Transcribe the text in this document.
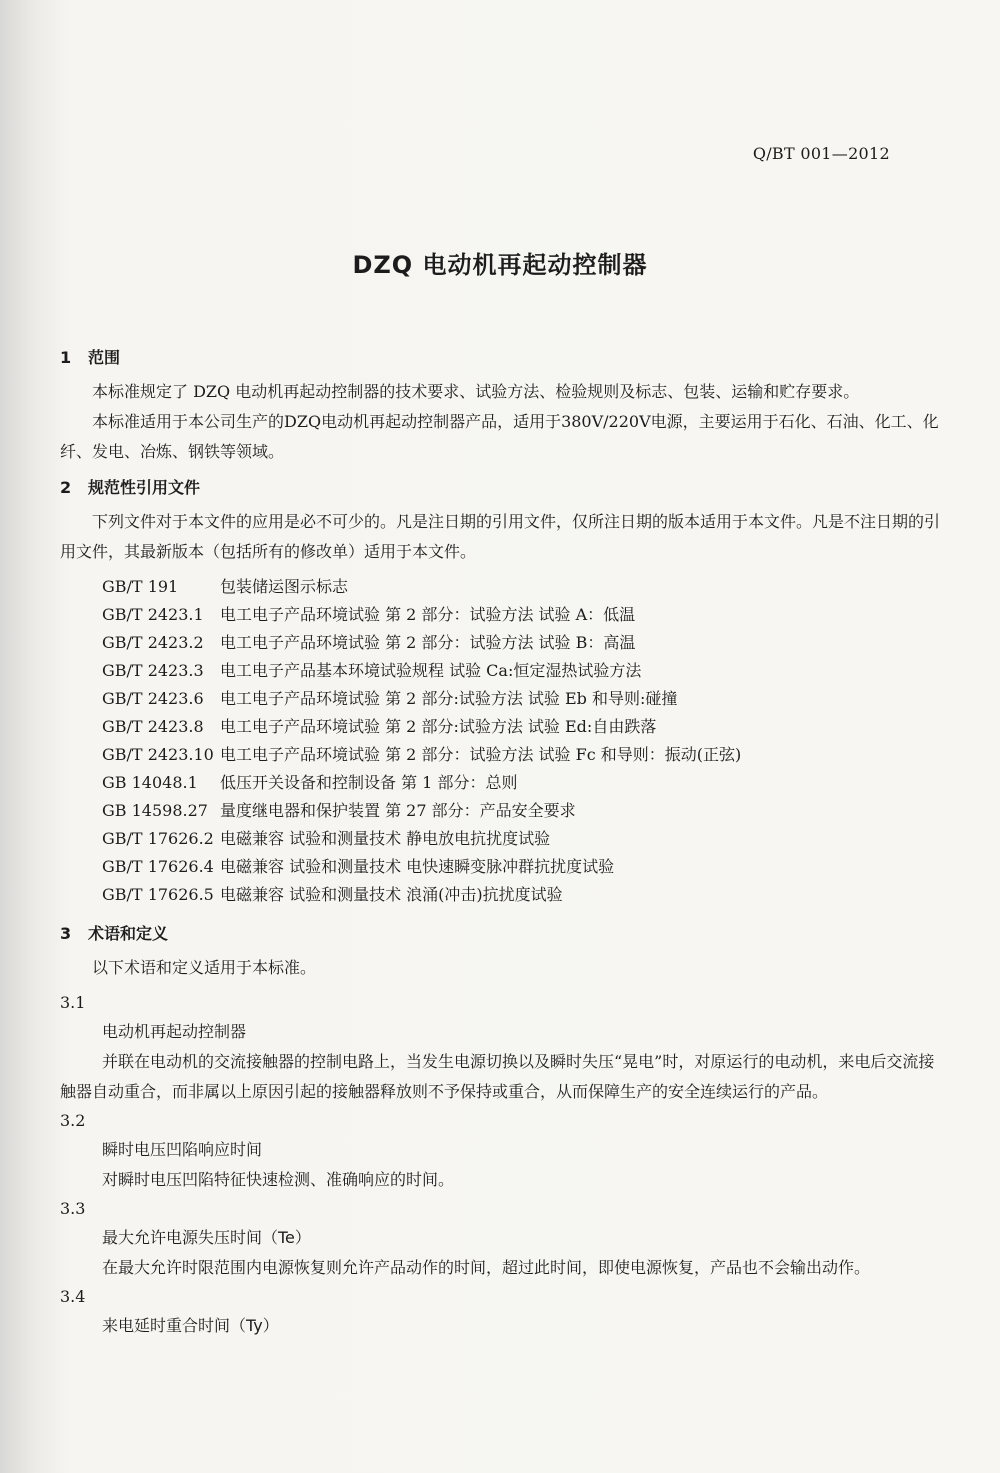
Q/BT 001—2012
DZQ 电动机再起动控制器
1 范围

本标准规定了 DZQ 电动机再起动控制器的技术要求、试验方法、检验规则及标志、包装、运输和贮存要求。

本标准适用于本公司生产的DZQ电动机再起动控制器产品，适用于380V/220V电源，主要运用于石化、石油、化工、化纤、发电、冶炼、钢铁等领域。

2 规范性引用文件

下列文件对于本文件的应用是必不可少的。凡是注日期的引用文件，仅所注日期的版本适用于本文件。凡是不注日期的引用文件，其最新版本（包括所有的修改单）适用于本文件。

GB/T 191	包装储运图示标志
GB/T 2423.1	电工电子产品环境试验 第 2 部分：试验方法 试验 A：低温
GB/T 2423.2	电工电子产品环境试验 第 2 部分：试验方法 试验 B：高温
GB/T 2423.3	电工电子产品基本环境试验规程 试验 Ca:恒定湿热试验方法
GB/T 2423.6	电工电子产品环境试验 第 2 部分:试验方法 试验 Eb 和导则:碰撞
GB/T 2423.8	电工电子产品环境试验 第 2 部分:试验方法 试验 Ed:自由跌落
GB/T 2423.10 电工电子产品环境试验 第 2 部分：试验方法 试验 Fc 和导则：振动(正弦)
GB 14048.1	低压开关设备和控制设备 第 1 部分：总则
GB 14598.27 量度继电器和保护装置 第 27 部分：产品安全要求
GB/T 17626.2 电磁兼容 试验和测量技术 静电放电抗扰度试验
GB/T 17626.4 电磁兼容 试验和测量技术 电快速瞬变脉冲群抗扰度试验
GB/T 17626.5 电磁兼容 试验和测量技术 浪涌(冲击)抗扰度试验
3 术语和定义

以下术语和定义适用于本标准。

3.1

电动机再起动控制器

并联在电动机的交流接触器的控制电路上，当发生电源切换以及瞬时失压“晃电”时，对原运行的电动机，来电后交流接触器自动重合，而非属以上原因引起的接触器释放则不予保持或重合，从而保障生产的安全连续运行的产品。

3.2

瞬时电压凹陷响应时间

对瞬时电压凹陷特征快速检测、准确响应的时间。

3.3

最大允许电源失压时间（Te）

在最大允许时限范围内电源恢复则允许产品动作的时间，超过此时间，即使电源恢复，产品也不会输出动作。

3.4

来电延时重合时间（Ty）
